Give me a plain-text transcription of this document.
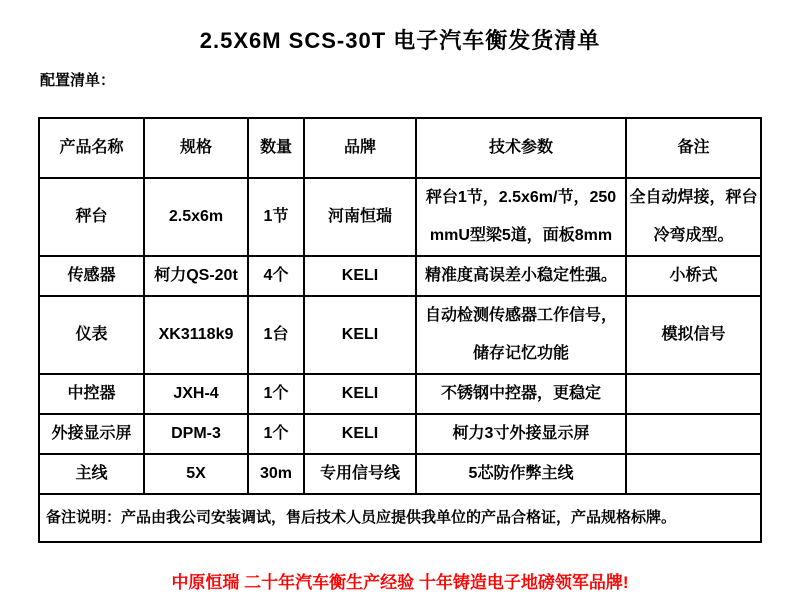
2.5X6M SCS-30T 电子汽车衡发货清单
配置清单：
产品名称	规格	数量	品牌	技术参数	备注
秤台	2.5x6m	1节	河南恒瑞	秤台1节，2.5x6m/节，250mmU型梁5道，面板8mm	全自动焊接，秤台冷弯成型。
传感器	柯力QS-20t	4个	KELI	精准度高误差小稳定性强。	小桥式
仪表	XK3118k9	1台	KELI	自动检测传感器工作信号，储存记忆功能	模拟信号
中控器	JXH-4	1个	KELI	不锈钢中控器，更稳定	
外接显示屏	DPM-3	1个	KELI	柯力3寸外接显示屏	
主线	5X	30m	专用信号线	5芯防作弊主线	
备注说明：产品由我公司安装调试，售后技术人员应提供我单位的产品合格证，产品规格标牌。					
中原恒瑞 二十年汽车衡生产经验 十年铸造电子地磅领军品牌!
